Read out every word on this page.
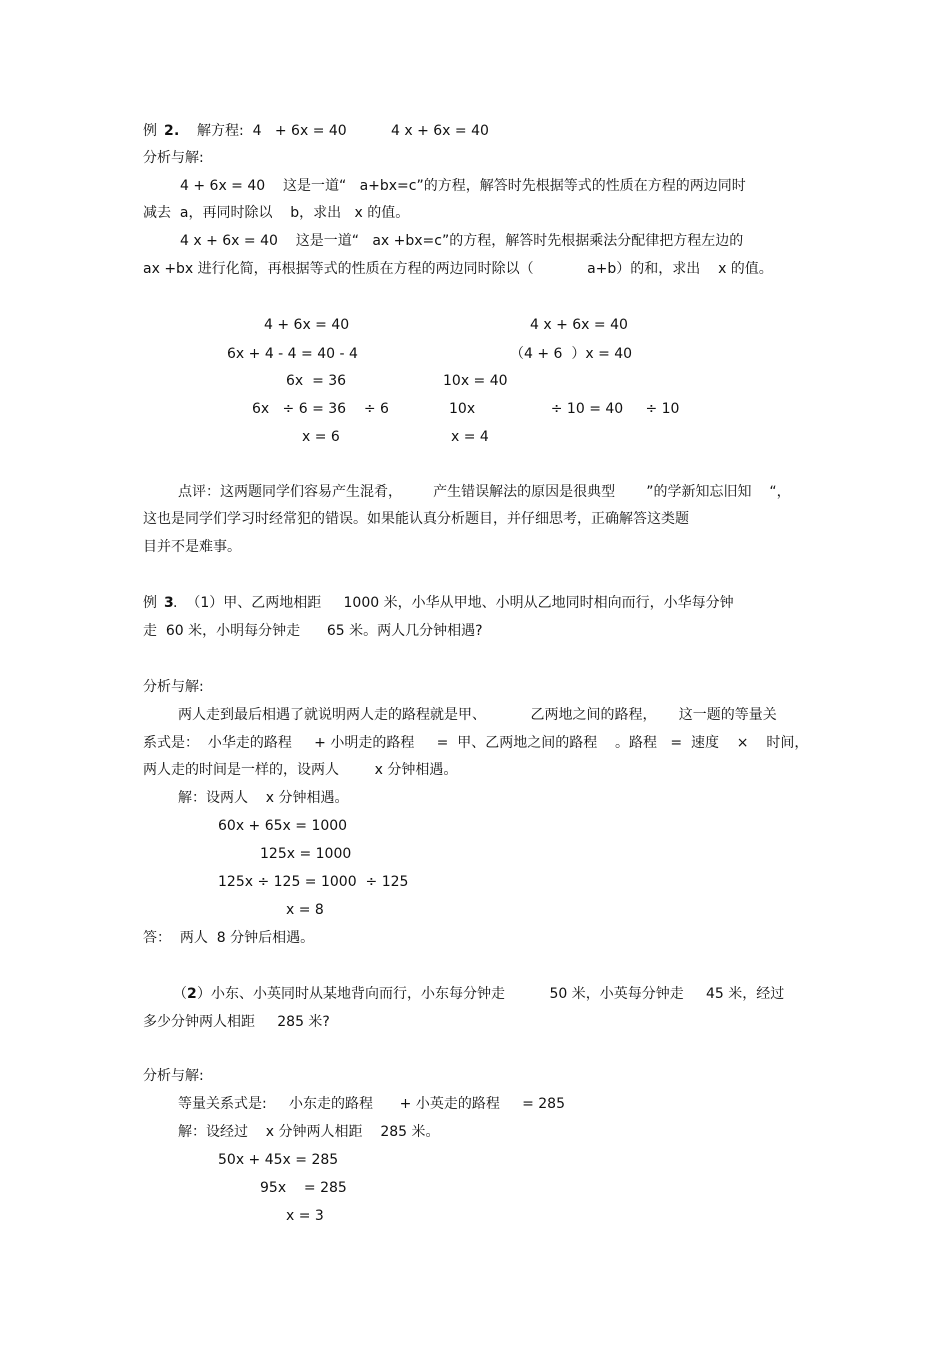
例 2 . 解方程:  4   + 6x = 40	4 x + 6x = 40
分析与解:
4 + 6x = 40    这是一道“   a+bx=c”的方程，解答时先根据等式的性质在方程的两边同时
减去  a，再同时除以    b，求出   x 的值。
4 x + 6x = 40    这是一道“   ax +bx=c”的方程，解答时先根据乘法分配律把方程左边的
ax +bx 进行化简，再根据等式的性质在方程的两边同时除以（            a+b）的和，求出    x 的值。
4 + 6x = 40
6x + 4 - 4 = 40 - 4
6x  = 36
6x   ÷ 6 = 36    ÷ 6
x = 6
4 x + 6x = 40
（4 + 6  ）x = 40
10x = 40
10x                 ÷ 10 = 40     ÷ 10
x = 4
点评：这两题同学们容易产生混肴，       产生错误解法的原因是很典型       ”的学新知忘旧知    “，
这也是同学们学习时经常犯的错误。如果能认真分析题目，并仔细思考，正确解答这类题
目并不是难事。
例 3 .  （1）甲、乙两地相距     1000 米，小华从甲地、小明从乙地同时相向而行，小华每分钟
走  60 米，小明每分钟走      65 米。两人几分钟相遇?
分析与解:
两人走到最后相遇了就说明两人走的路程就是甲、          乙两地之间的路程，     这一题的等量关
系式是：  小华走的路程     + 小明走的路程     =  甲、乙两地之间的路程    。路程   =  速度    ×    时间，
两人走的时间是一样的，设两人        x 分钟相遇。
解：设两人    x 分钟相遇。
60x + 65x = 1000
125x = 1000
125x ÷ 125 = 1000  ÷ 125
x = 8
答：  两人  8 分钟后相遇。
（ 2 ）小东、小英同时从某地背向而行，小东每分钟走          50 米，小英每分钟走     45 米，经过
多少分钟两人相距     285 米?
分析与解:
等量关系式是:     小东走的路程      + 小英走的路程     = 285
解：设经过    x 分钟两人相距    285 米。
50x + 45x = 285
95x    = 285
x = 3
